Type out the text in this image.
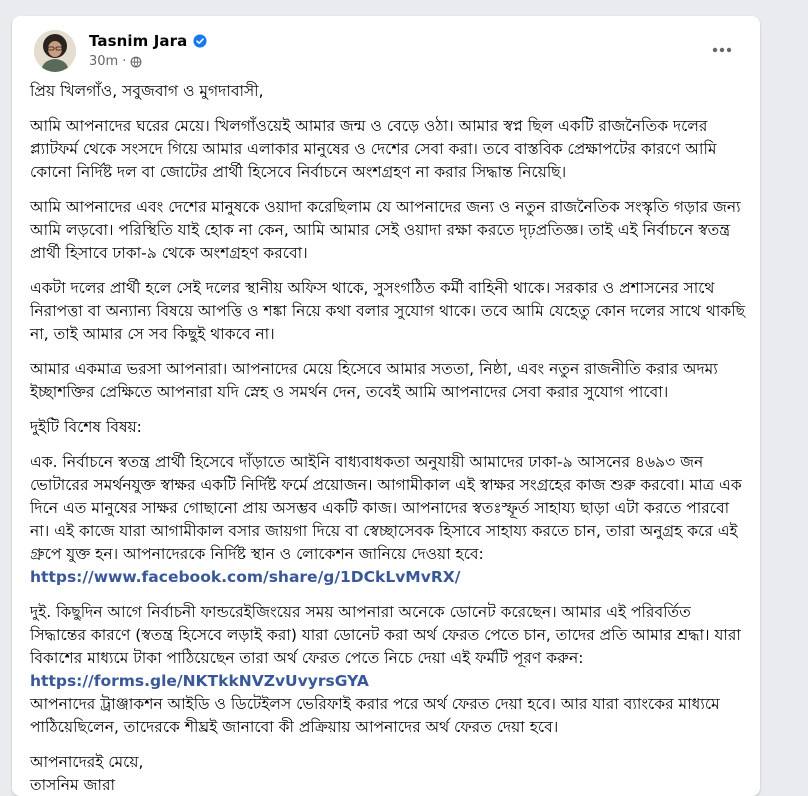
Tasnim Jara
30m ·

প্রিয় খিলগাঁও, সবুজবাগ ও মুগদাবাসী,

আমি আপনাদের ঘরের মেয়ে। খিলগাঁওয়েই আমার জন্ম ও বেড়ে ওঠা। আমার স্বপ্ন ছিল একটি রাজনৈতিক দলের প্ল্যাটফর্ম থেকে সংসদে গিয়ে আমার এলাকার মানুষের ও দেশের সেবা করা। তবে বাস্তবিক প্রেক্ষাপটের কারণে আমি কোনো নির্দিষ্ট দল বা জোটের প্রার্থী হিসেবে নির্বাচনে অংশগ্রহণ না করার সিদ্ধান্ত নিয়েছি।

আমি আপনাদের এবং দেশের মানুষকে ওয়াদা করেছিলাম যে আপনাদের জন্য ও নতুন রাজনৈতিক সংস্কৃতি গড়ার জন্য আমি লড়বো। পরিস্থিতি যাই হোক না কেন, আমি আমার সেই ওয়াদা রক্ষা করতে দৃঢ়প্রতিজ্ঞ। তাই এই নির্বাচনে স্বতন্ত্র প্রার্থী হিসাবে ঢাকা-৯ থেকে অংশগ্রহণ করবো।

একটা দলের প্রার্থী হলে সেই দলের স্থানীয় অফিস থাকে, সুসংগঠিত কর্মী বাহিনী থাকে। সরকার ও প্রশাসনের সাথে নিরাপত্তা বা অন্যান্য বিষয়ে আপত্তি ও শঙ্কা নিয়ে কথা বলার সুযোগ থাকে। তবে আমি যেহেতু কোন দলের সাথে থাকছি না, তাই আমার সে সব কিছুই থাকবে না।

আমার একমাত্র ভরসা আপনারা। আপনাদের মেয়ে হিসেবে আমার সততা, নিষ্ঠা, এবং নতুন রাজনীতি করার অদম্য ইচ্ছাশক্তির প্রেক্ষিতে আপনারা যদি স্নেহ ও সমর্থন দেন, তবেই আমি আপনাদের সেবা করার সুযোগ পাবো।

দুইটি বিশেষ বিষয়:

এক. নির্বাচনে স্বতন্ত্র প্রার্থী হিসেবে দাঁড়াতে আইনি বাধ্যবাধকতা অনুযায়ী আমাদের ঢাকা-৯ আসনের ৪৬৯৩ জন ভোটারের সমর্থনযুক্ত স্বাক্ষর একটি নির্দিষ্ট ফর্মে প্রয়োজন। আগামীকাল এই স্বাক্ষর সংগ্রহের কাজ শুরু করবো। মাত্র এক দিনে এত মানুষের সাক্ষর গোছানো প্রায় অসম্ভব একটি কাজ। আপনাদের স্বতঃস্ফূর্ত সাহায্য ছাড়া এটা করতে পারবো না। এই কাজে যারা আগামীকাল বসার জায়গা দিয়ে বা স্বেচ্ছাসেবক হিসাবে সাহায্য করতে চান, তারা অনুগ্রহ করে এই গ্রুপে যুক্ত হন। আপনাদেরকে নির্দিষ্ট স্থান ও লোকেশন জানিয়ে দেওয়া হবে: https://www.facebook.com/share/g/1DCkLvMvRX/

দুই. কিছুদিন আগে নির্বাচনী ফান্ডরেইজিংয়ের সময় আপনারা অনেকে ডোনেট করেছেন। আমার এই পরিবর্তিত সিদ্ধান্তের কারণে (স্বতন্ত্র হিসেবে লড়াই করা) যারা ডোনেট করা অর্থ ফেরত পেতে চান, তাদের প্রতি আমার শ্রদ্ধা। যারা বিকাশের মাধ্যমে টাকা পাঠিয়েছেন তারা অর্থ ফেরত পেতে নিচে দেয়া এই ফর্মটি পূরণ করুন: https://forms.gle/NKTkkNVZvUvyrsGYA
আপনাদের ট্রাঞ্জাকশন আইডি ও ডিটেইলস ভেরিফাই করার পরে অর্থ ফেরত দেয়া হবে। আর যারা ব্যাংকের মাধ্যমে পাঠিয়েছিলেন, তাদেরকে শীঘ্রই জানাবো কী প্রক্রিয়ায় আপনাদের অর্থ ফেরত দেয়া হবে।

আপনাদেরই মেয়ে,
তাসনিম জারা
